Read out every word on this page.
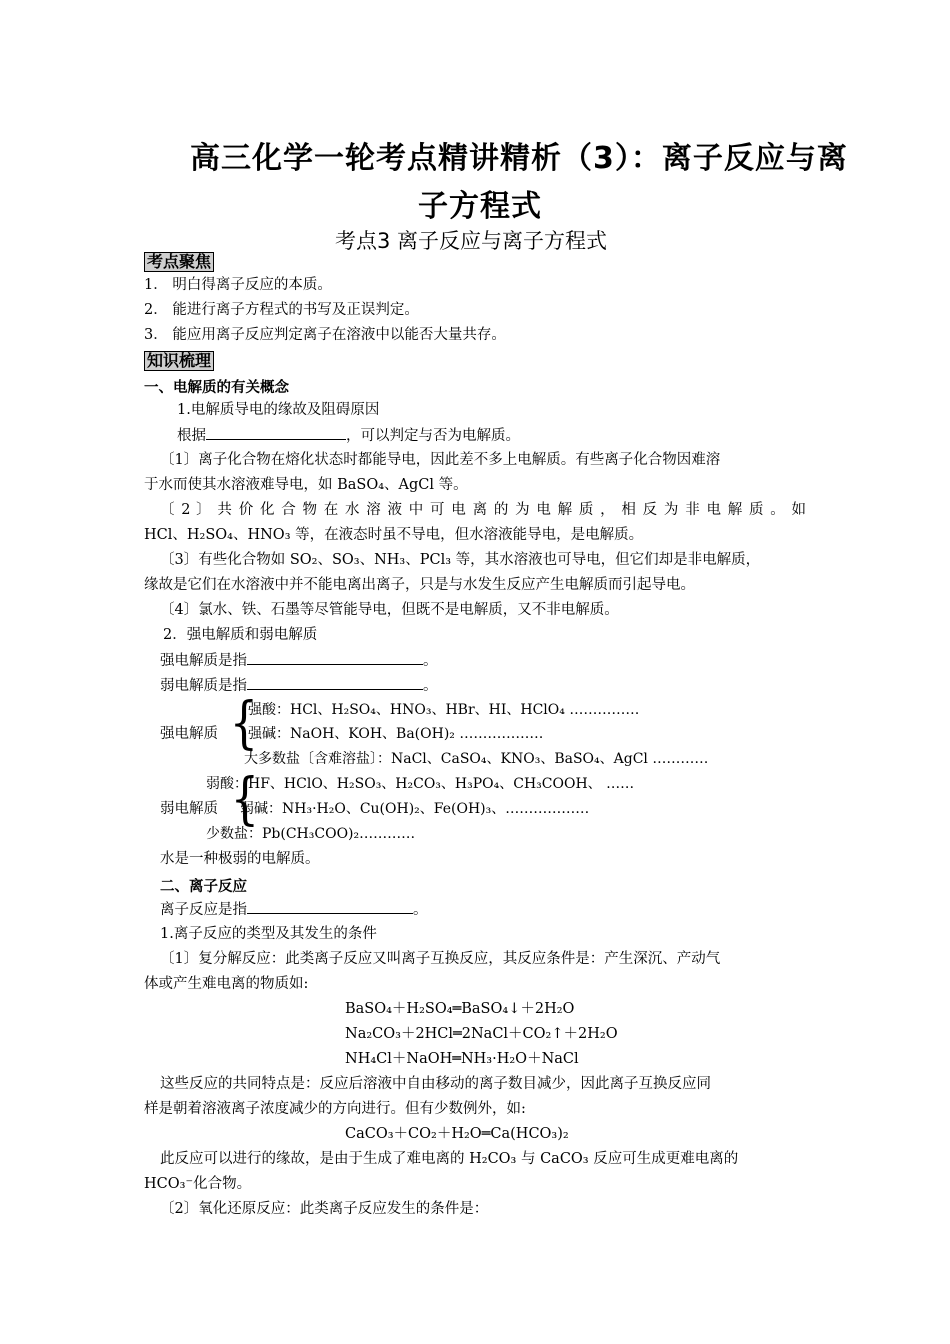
高三化学一轮考点精讲精析（3）：离子反应与离
子方程式
考点3 离子反应与离子方程式
考点聚焦
1． 明白得离子反应的本质。
2． 能进行离子方程式的书写及正误判定。
3． 能应用离子反应判定离子在溶液中以能否大量共存。
知识梳理
一、电解质的有关概念
1.电解质导电的缘故及阻碍原因
根据	，可以判定与否为电解质。
〔1〕离子化合物在熔化状态时都能导电，因此差不多上电解质。有些离子化合物因难溶
于水而使其水溶液难导电，如 BaSO₄、AgCl 等。
〔 2 〕 共 价 化 合 物 在 水 溶 液 中 可 电 离 的 为 电 解 质 ， 相 反 为 非 电 解 质 。 如
HCl、H₂SO₄、HNO₃ 等，在液态时虽不导电，但水溶液能导电，是电解质。
〔3〕有些化合物如 SO₂、SO₃、NH₃、PCl₃ 等，其水溶液也可导电，但它们却是非电解质，
缘故是它们在水溶液中并不能电离出离子，只是与水发生反应产生电解质而引起导电。
〔4〕氯水、铁、石墨等尽管能导电，但既不是电解质，又不非电解质。
2．强电解质和弱电解质
强电解质是指	。
弱电解质是指	。
强电解质 {
强酸：HCl、H₂SO₄、HNO₃、HBr、HI、HClO₄ ……………
强碱：NaOH、KOH、Ba(OH)₂ ………………
大多数盐〔含难溶盐〕：NaCl、CaSO₄、KNO₃、BaSO₄、AgCl …………
弱电解质 {
弱酸：HF、HClO、H₂SO₃、H₂CO₃、H₃PO₄、CH₃COOH、 ……
弱碱：NH₃·H₂O、Cu(OH)₂、Fe(OH)₃、………………
少数盐：Pb(CH₃COO)₂…………
水是一种极弱的电解质。
二、离子反应
离子反应是指	。
1.离子反应的类型及其发生的条件
〔1〕复分解反应：此类离子反应又叫离子互换反应，其反应条件是：产生深沉、产动气
体或产生难电离的物质如:
BaSO₄＋H₂SO₄═BaSO₄↓＋2H₂O
Na₂CO₃＋2HCl═2NaCl＋CO₂↑＋2H₂O
NH₄Cl＋NaOH═NH₃·H₂O＋NaCl
这些反应的共同特点是：反应后溶液中自由移动的离子数目减少，因此离子互换反应同
样是朝着溶液离子浓度减少的方向进行。但有少数例外，如:
CaCO₃＋CO₂＋H₂O═Ca(HCO₃)₂
此反应可以进行的缘故，是由于生成了难电离的 H₂CO₃ 与 CaCO₃ 反应可生成更难电离的
HCO₃⁻化合物。
〔2〕氧化还原反应：此类离子反应发生的条件是：
